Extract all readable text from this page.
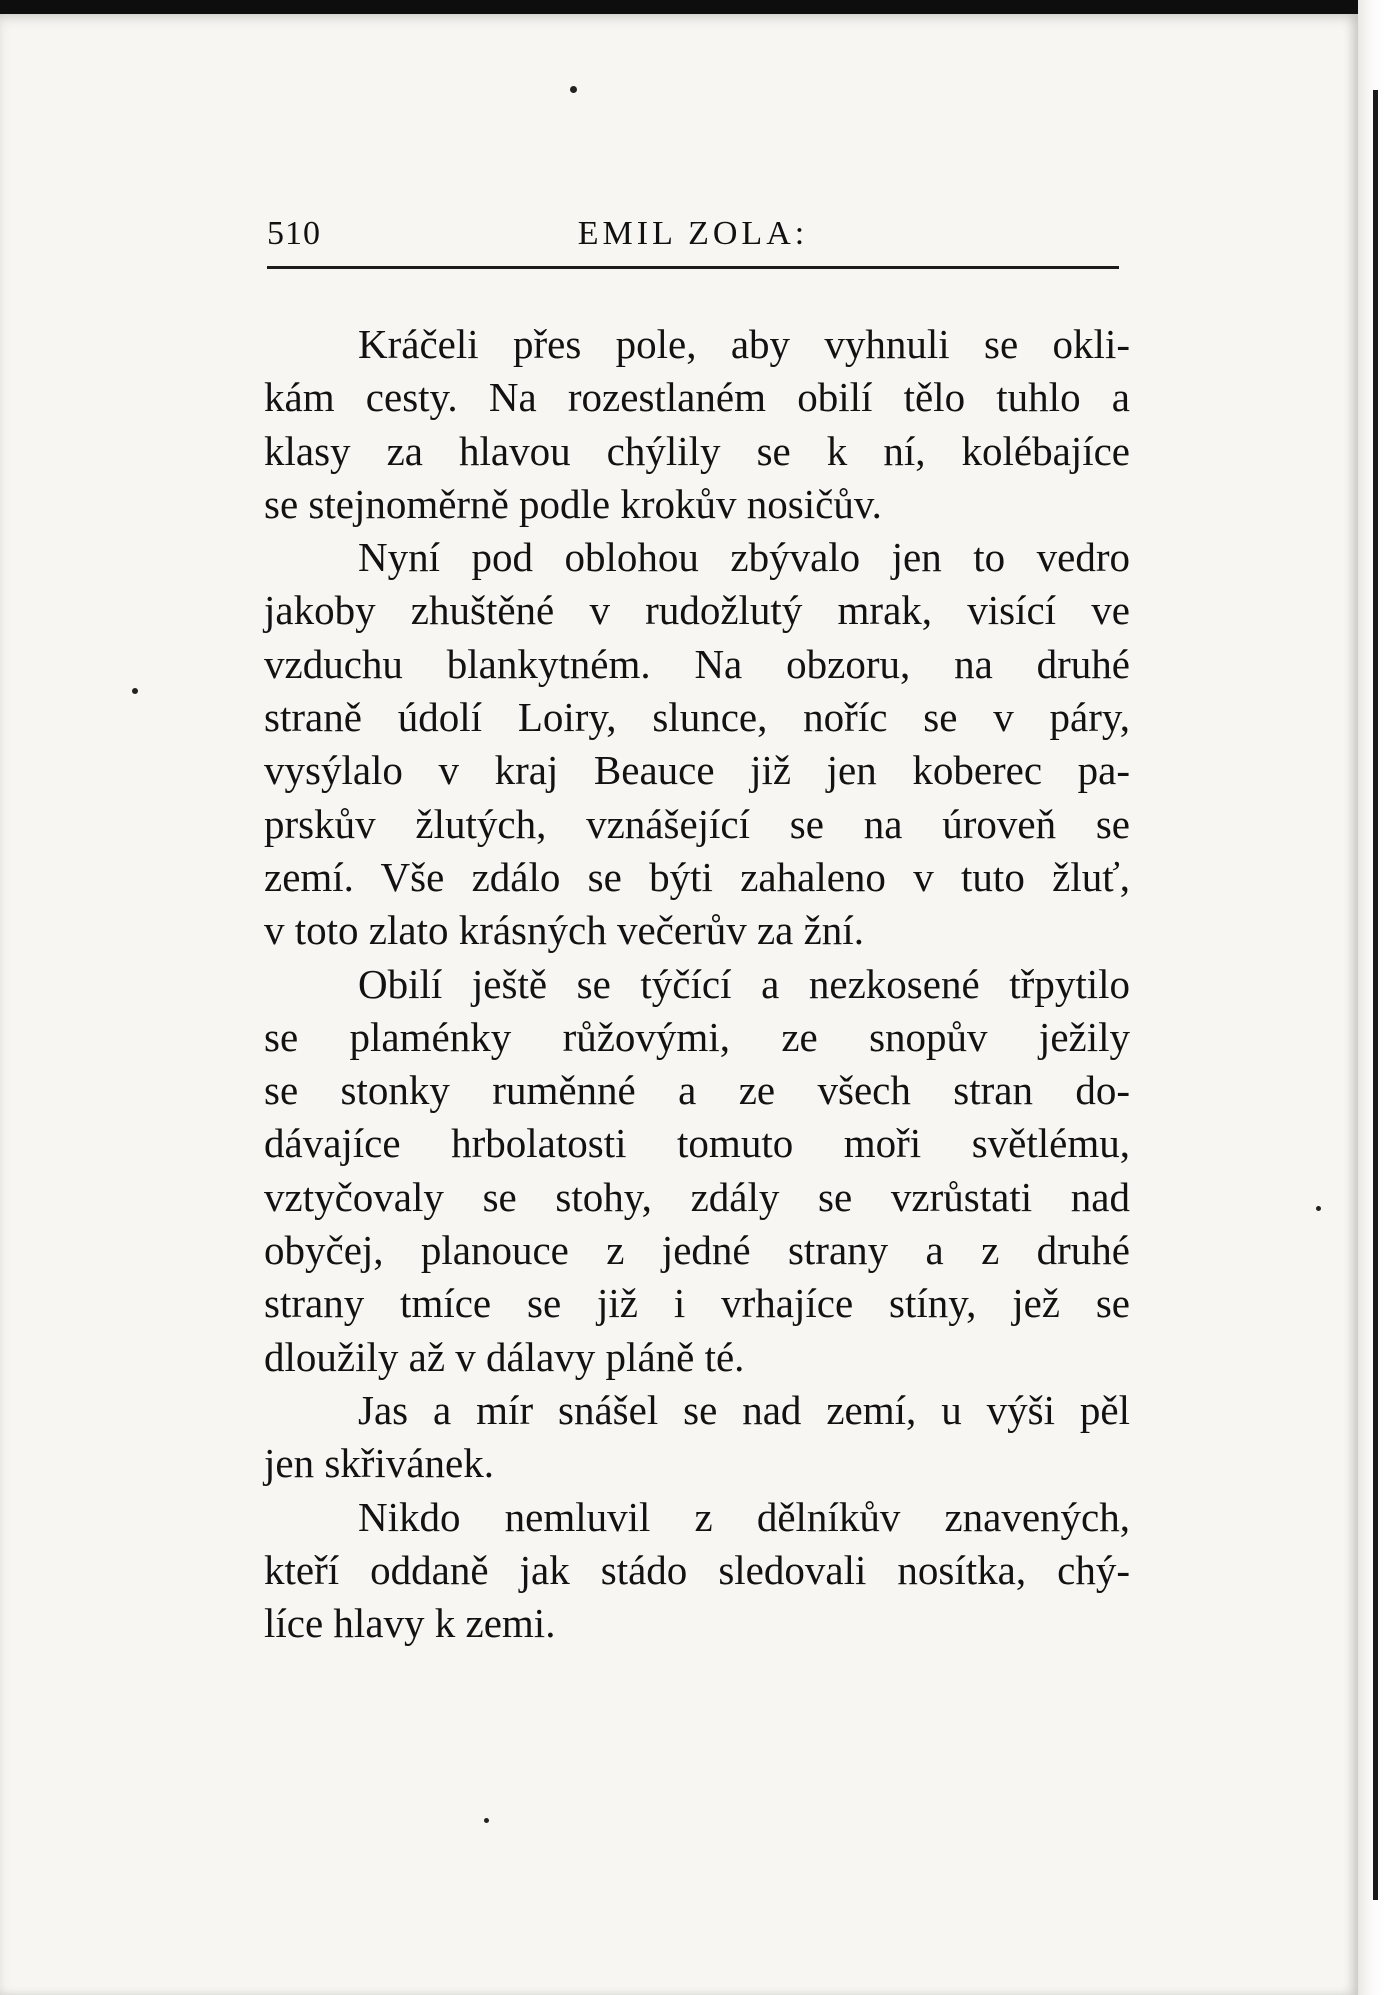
510	EMIL ZOLA:
Kráčeli přes pole, aby vyhnuli se okli-
kám cesty. Na rozestlaném obilí tělo tuhlo a
klasy za hlavou chýlily se k ní, kolébajíce
se stejnoměrně podle krokův nosičův.
Nyní pod oblohou zbývalo jen to vedro
jakoby zhuštěné v rudožlutý mrak, visící ve
vzduchu blankytném. Na obzoru, na druhé
straně údolí Loiry, slunce, noříc se v páry,
vysýlalo v kraj Beauce již jen koberec pa-
prskův žlutých, vznášející se na úroveň se
zemí. Vše zdálo se býti zahaleno v tuto žluť,
v toto zlato krásných večerův za žní.
Obilí ještě se týčící a nezkosené třpytilo
se plaménky růžovými, ze snopův ježily
se stonky ruměnné a ze všech stran do-
dávajíce hrbolatosti tomuto moři světlému,
vztyčovaly se stohy, zdály se vzrůstati nad
obyčej, planouce z jedné strany a z druhé
strany tmíce se již i vrhajíce stíny, jež se
dloužily až v dálavy pláně té.
Jas a mír snášel se nad zemí, u výši pěl
jen skřivánek.
Nikdo nemluvil z dělníkův znavených,
kteří oddaně jak stádo sledovali nosítka, chý-
líce hlavy k zemi.
